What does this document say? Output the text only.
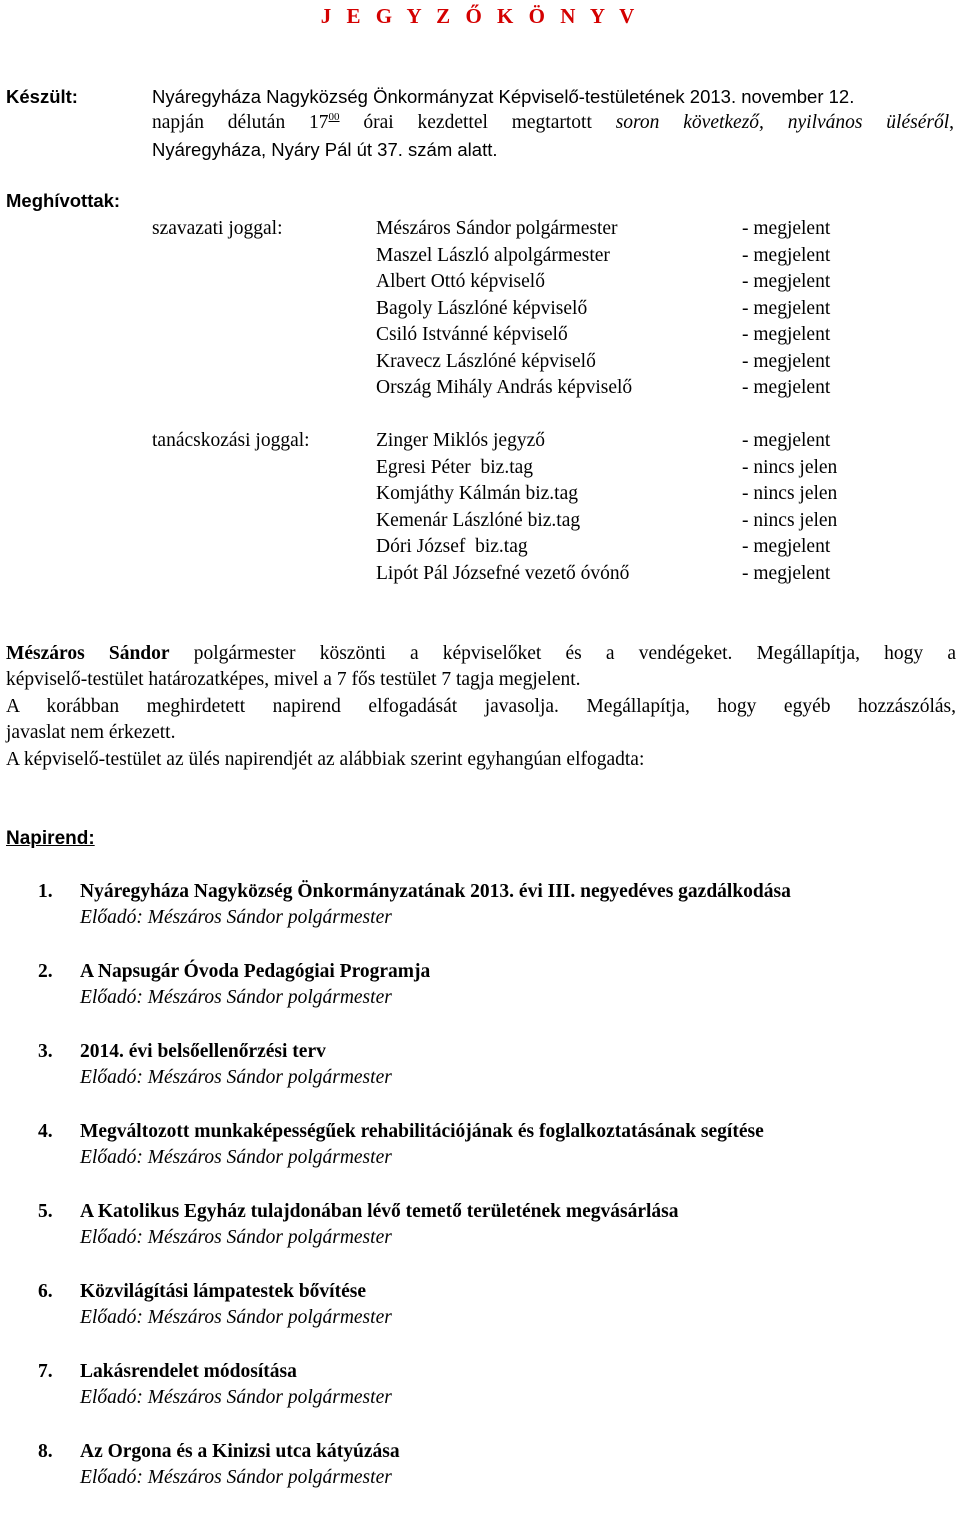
J E G Y Z Ő K Ö N Y V
Készült:	Nyáregyháza Nagyközség Önkormányzat Képviselő-testületének 2013. november 12.
napján délután $17^{00}$ órai kezdettel megtartott soron következő, nyilvános üléséről,
Nyáregyháza, Nyáry Pál út 37. szám alatt.
Meghívottak:
szavazati joggal:	Mészáros Sándor polgármester	- megjelent
Maszel László alpolgármester	- megjelent
Albert Ottó képviselő	- megjelent
Bagoly Lászlóné képviselő	- megjelent
Csiló Istvánné képviselő	- megjelent
Kravecz Lászlóné képviselő	- megjelent
Ország Mihály András képviselő	- megjelent
tanácskozási joggal:	Zinger Miklós jegyző	- megjelent
Egresi Péter  biz.tag	- nincs jelen
Komjáthy Kálmán biz.tag	- nincs jelen
Kemenár Lászlóné biz.tag	- nincs jelen
Dóri József  biz.tag	- megjelent
Lipót Pál Józsefné vezető óvónő	- megjelent
Mészáros Sándor polgármester köszönti a képviselőket és a vendégeket. Megállapítja, hogy a
képviselő-testület határozatképes, mivel a 7 fős testület 7 tagja megjelent.
A korábban meghirdetett napirend elfogadását javasolja. Megállapítja, hogy egyéb hozzászólás,
javaslat nem érkezett.
A képviselő-testület az ülés napirendjét az alábbiak szerint egyhangúan elfogadta:
Napirend:
1. Nyáregyháza Nagyközség Önkormányzatának 2013. évi III. negyedéves gazdálkodása
Előadó: Mészáros Sándor polgármester
2. A Napsugár Óvoda Pedagógiai Programja
Előadó: Mészáros Sándor polgármester
3. 2014. évi belsőellenőrzési terv
Előadó: Mészáros Sándor polgármester
4. Megváltozott munkaképességűek rehabilitációjának és foglalkoztatásának segítése
Előadó: Mészáros Sándor polgármester
5. A Katolikus Egyház tulajdonában lévő temető területének megvásárlása
Előadó: Mészáros Sándor polgármester
6. Közvilágítási lámpatestek bővítése
Előadó: Mészáros Sándor polgármester
7. Lakásrendelet módosítása
Előadó: Mészáros Sándor polgármester
8. Az Orgona és a Kinizsi utca kátyúzása
Előadó: Mészáros Sándor polgármester
